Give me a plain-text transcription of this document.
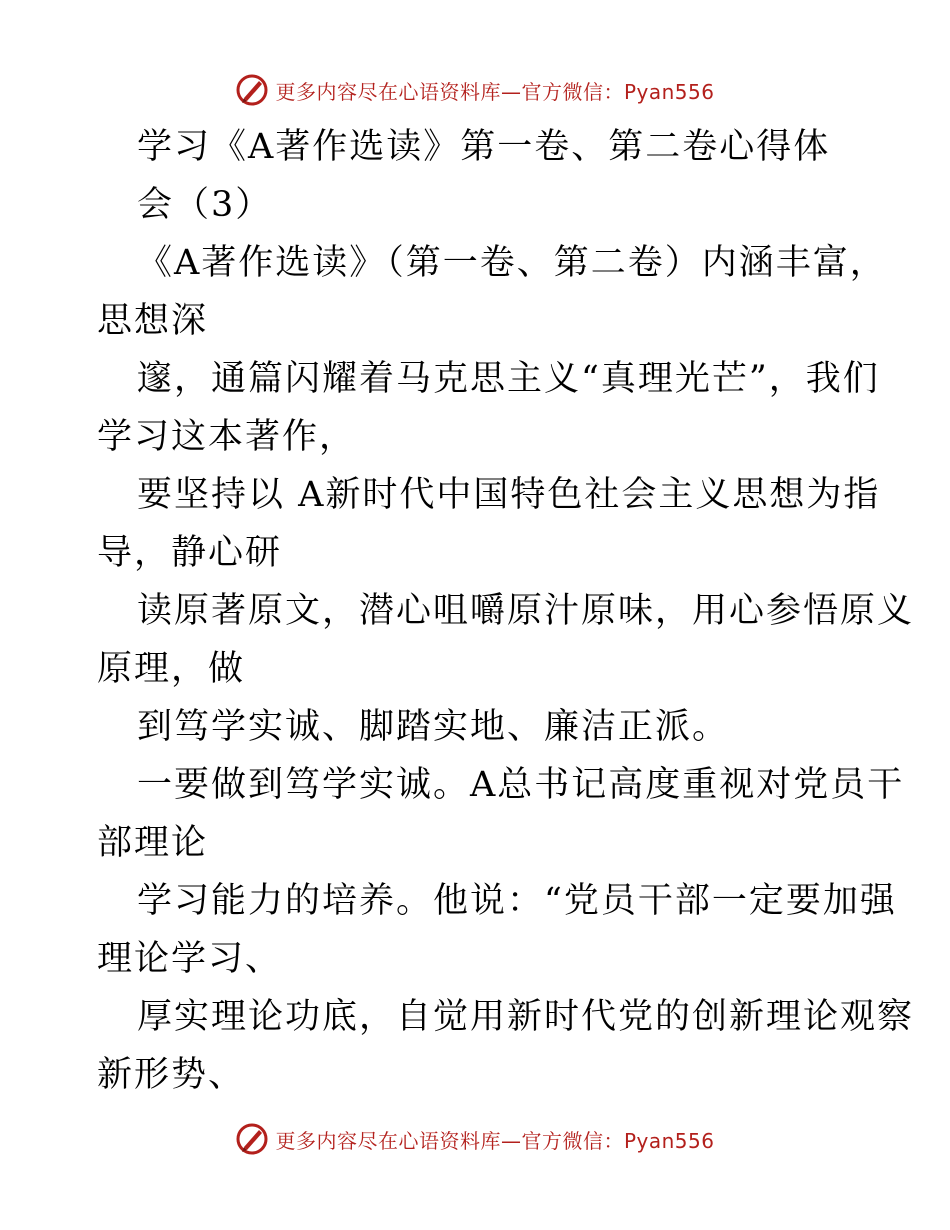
更多内容尽在心语资料库—官方微信：Pyan556
学习《A著作选读》第一卷、第二卷心得体
会（3）
《A著作选读》（第一卷、第二卷）内涵丰富，
思想深
邃，通篇闪耀着马克思主义“真理光芒”，我们
学习这本著作，
要坚持以 A新时代中国特色社会主义思想为指
导，静心研
读原著原文，潜心咀嚼原汁原味，用心参悟原义
原理，做
到笃学实诚、脚踏实地、廉洁正派。
一要做到笃学实诚。A总书记高度重视对党员干
部理论
学习能力的培养。他说：“党员干部一定要加强
理论学习、
厚实理论功底，自觉用新时代党的创新理论观察
新形势、
更多内容尽在心语资料库—官方微信：Pyan556
